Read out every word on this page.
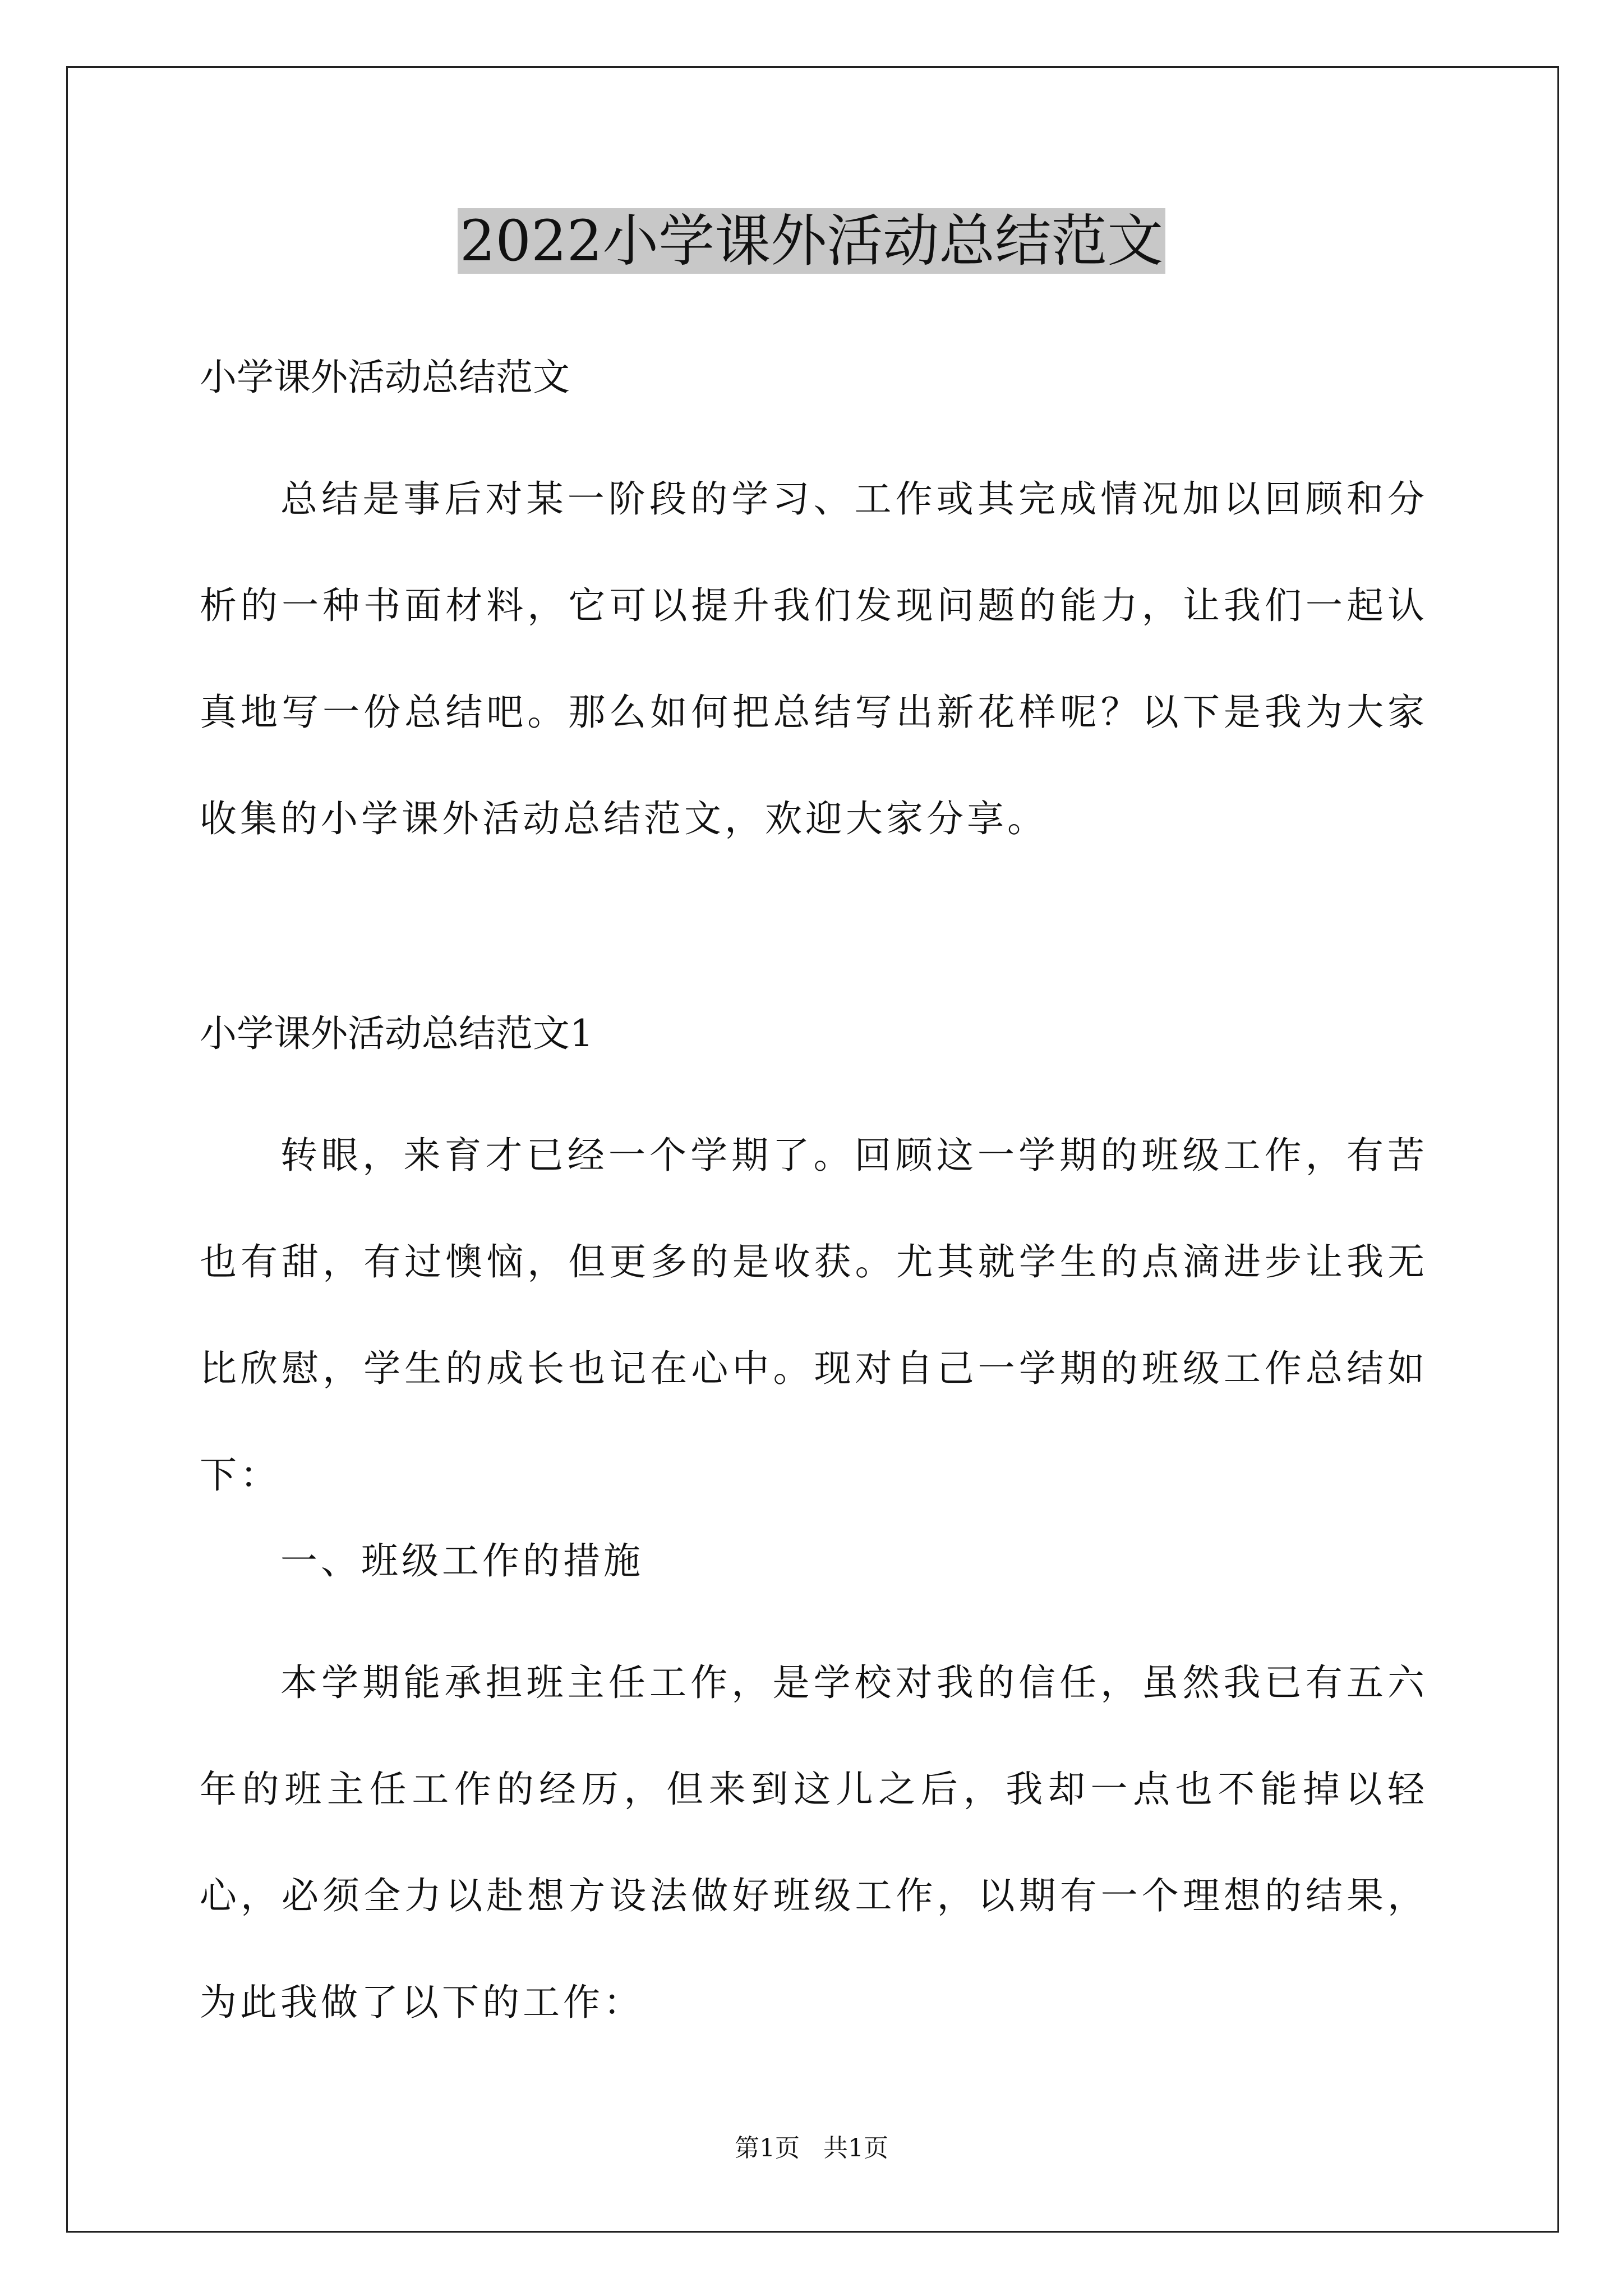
2022小学课外活动总结范文
小学课外活动总结范文

总结是事后对某一阶段的学习、工作或其完成情况加以回顾和分析的一种书面材料，它可以提升我们发现问题的能力，让我们一起认真地写一份总结吧。那么如何把总结写出新花样呢？以下是我为大家收集的小学课外活动总结范文，欢迎大家分享。

小学课外活动总结范文1

转眼，来育才已经一个学期了。回顾这一学期的班级工作，有苦也有甜，有过懊恼，但更多的是收获。尤其就学生的点滴进步让我无比欣慰，学生的成长也记在心中。现对自己一学期的班级工作总结如下：

一、班级工作的措施

本学期能承担班主任工作，是学校对我的信任，虽然我已有五六年的班主任工作的经历，但来到这儿之后，我却一点也不能掉以轻心，必须全力以赴想方设法做好班级工作，以期有一个理想的结果，为此我做了以下的工作：

第1页   共1页
